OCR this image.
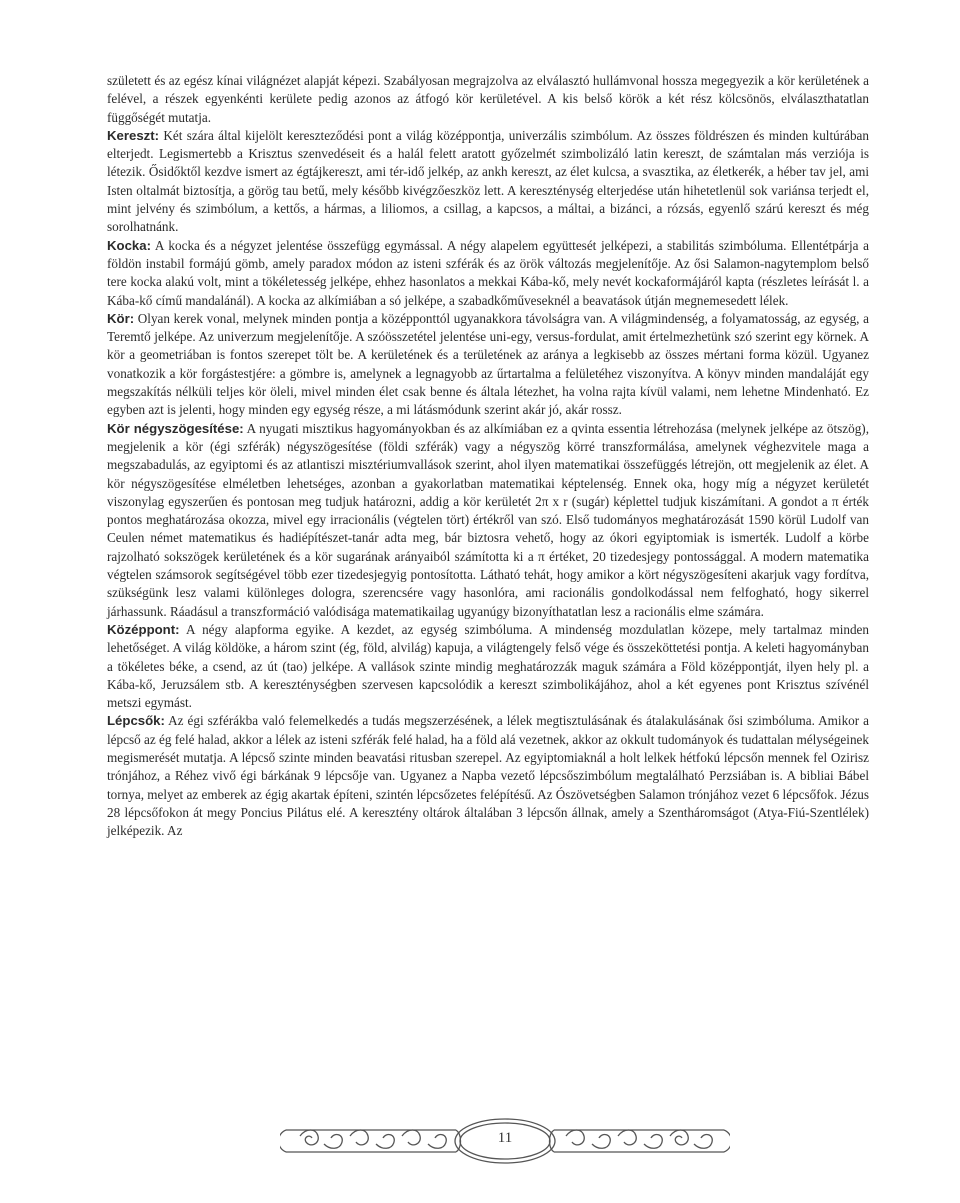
született és az egész kínai világnézet alapját képezi. Szabályosan megrajzolva az elválasztó hullámvonal hossza megegyezik a kör kerületének a felével, a részek egyenkénti kerülete pedig azonos az átfogó kör kerületével. A kis belső körök a két rész kölcsönös, elválaszthatatlan függőségét mutatja.

Kereszt: Két szára által kijelölt kereszteződési pont a világ középpontja, univerzális szimbólum. Az összes földrészen és minden kultúrában elterjedt. Legismertebb a Krisztus szenvedéseit és a halál felett aratott győzelmét szimbolizáló latin kereszt, de számtalan más verziója is létezik. Ősidőktől kezdve ismert az égtájkereszt, ami tér-idő jelkép, az ankh kereszt, az élet kulcsa, a svasztika, az életkerék, a héber tav jel, ami Isten oltalmát biztosítja, a görög tau betű, mely később kivégzőeszköz lett. A kereszténység elterjedése után hihetetlenül sok variánsa terjedt el, mint jelvény és szimbólum, a kettős, a hármas, a liliomos, a csillag, a kapcsos, a máltai, a bizánci, a rózsás, egyenlő szárú kereszt és még sorolhatnánk.

Kocka: A kocka és a négyzet jelentése összefügg egymással. A négy alapelem együttesét jelképezi, a stabilitás szimbóluma. Ellentétpárja a földön instabil formájú gömb, amely paradox módon az isteni szférák és az örök változás megjelenítője. Az ősi Salamon-nagytemplom belső tere kocka alakú volt, mint a tökéletesség jelképe, ehhez hasonlatos a mekkai Kába-kő, mely nevét kockaformájáról kapta (részletes leírását l. a Kába-kő című mandalánál). A kocka az alkímiában a só jelképe, a szabadkőműveseknél a beavatások útján megnemesedett lélek.

Kör: Olyan kerek vonal, melynek minden pontja a középponttól ugyanakkora távolságra van. A világmindenség, a folyamatosság, az egység, a Teremtő jelképe. Az univerzum megjelenítője. A szóösszetétel jelentése uni-egy, versus-fordulat, amit értelmezhetünk szó szerint egy körnek. A kör a geometriában is fontos szerepet tölt be. A kerületének és a területének az aránya a legkisebb az összes mértani forma közül. Ugyanez vonatkozik a kör forgástestjére: a gömbre is, amelynek a legnagyobb az űrtartalma a felületéhez viszonyítva. A könyv minden mandaláját egy megszakítás nélküli teljes kör öleli, mivel minden élet csak benne és általa létezhet, ha volna rajta kívül valami, nem lehetne Mindenható. Ez egyben azt is jelenti, hogy minden egy egység része, a mi látásmódunk szerint akár jó, akár rossz.

Kör négyszögesítése: A nyugati misztikus hagyományokban és az alkímiában ez a qvinta essentia létrehozása (melynek jelképe az ötszög), megjelenik a kör (égi szférák) négyszögesítése (földi szférák) vagy a négyszög körré transzformálása, amelynek véghezvitele maga a megszabadulás, az egyiptomi és az atlantiszi misztériumvallások szerint, ahol ilyen matematikai összefüggés létrejön, ott megjelenik az élet. A kör négyszögesítése elméletben lehetséges, azonban a gyakorlatban matematikai képtelenség. Ennek oka, hogy míg a négyzet kerületét viszonylag egyszerűen és pontosan meg tudjuk határozni, addig a kör kerületét 2π x r (sugár) képlettel tudjuk kiszámítani. A gondot a π érték pontos meghatározása okozza, mivel egy irracionális (végtelen tört) értékről van szó. Első tudományos meghatározását 1590 körül Ludolf van Ceulen német matematikus és hadiépítészet-tanár adta meg, bár biztosra vehető, hogy az ókori egyiptomiak is ismerték. Ludolf a körbe rajzolható sokszögek kerületének és a kör sugarának arányaiból számította ki a π értéket, 20 tizedesjegy pontossággal. A modern matematika végtelen számsorok segítségével több ezer tizedesjegyig pontosította. Látható tehát, hogy amikor a kört négyszögesíteni akarjuk vagy fordítva, szükségünk lesz valami különleges dologra, szerencsére vagy hasonlóra, ami racionális gondolkodással nem felfogható, hogy sikerrel járhassunk. Ráadásul a transzformáció valódisága matematikailag ugyanúgy bizonyíthatatlan lesz a racionális elme számára.

Középpont: A négy alapforma egyike. A kezdet, az egység szimbóluma. A mindenség mozdulatlan közepe, mely tartalmaz minden lehetőséget. A világ köldöke, a három szint (ég, föld, alvilág) kapuja, a világtengely felső vége és összeköttetési pontja. A keleti hagyományban a tökéletes béke, a csend, az út (tao) jelképe. A vallások szinte mindig meghatározzák maguk számára a Föld középpontját, ilyen hely pl. a Kába-kő, Jeruzsálem stb. A kereszténységben szervesen kapcsolódik a kereszt szimbolikájához, ahol a két egyenes pont Krisztus szívénél metszi egymást.

Lépcsők: Az égi szférákba való felemelkedés a tudás megszerzésének, a lélek megtisztulásának és átalakulásának ősi szimbóluma. Amikor a lépcső az ég felé halad, akkor a lélek az isteni szférák felé halad, ha a föld alá vezetnek, akkor az okkult tudományok és tudattalan mélységeinek megismerését mutatja. A lépcső szinte minden beavatási ritusban szerepel. Az egyiptomiaknál a holt lelkek hétfokú lépcsőn mennek fel Ozirisz trónjához, a Réhez vivő égi bárkának 9 lépcsője van. Ugyanez a Napba vezető lépcsőszimbólum megtalálható Perzsiában is. A bibliai Bábel tornya, melyet az emberek az égig akartak építeni, szintén lépcsőzetes felépítésű. Az Ószövetségben Salamon trónjához vezet 6 lépcsőfok. Jézus 28 lépcsőfokon át megy Poncius Pilátus elé. A keresztény oltárok általában 3 lépcsőn állnak, amely a Szentháromságot (Atya-Fiú-Szentlélek) jelképezik. Az

11
